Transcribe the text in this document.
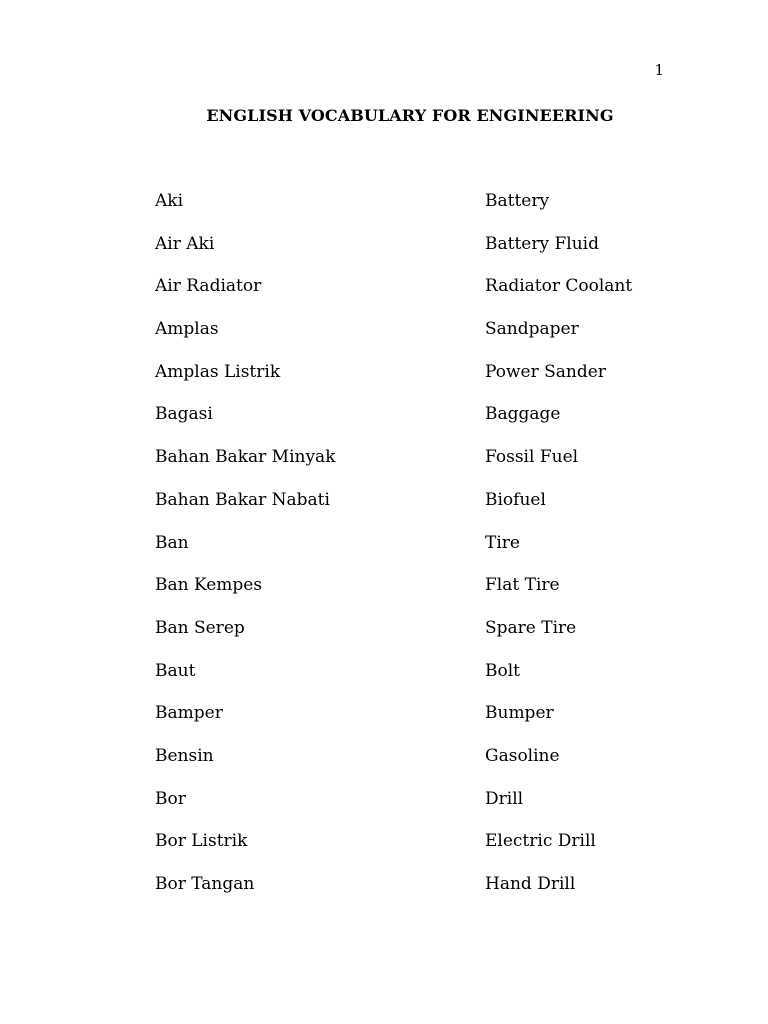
1
ENGLISH VOCABULARY FOR ENGINEERING
Aki	Battery
Air Aki	Battery Fluid
Air Radiator	Radiator Coolant
Amplas	Sandpaper
Amplas Listrik	Power Sander
Bagasi	Baggage
Bahan Bakar Minyak	Fossil Fuel
Bahan Bakar Nabati	Biofuel
Ban	Tire
Ban Kempes	Flat Tire
Ban Serep	Spare Tire
Baut	Bolt
Bamper	Bumper
Bensin	Gasoline
Bor	Drill
Bor Listrik	Electric Drill
Bor Tangan	Hand Drill
